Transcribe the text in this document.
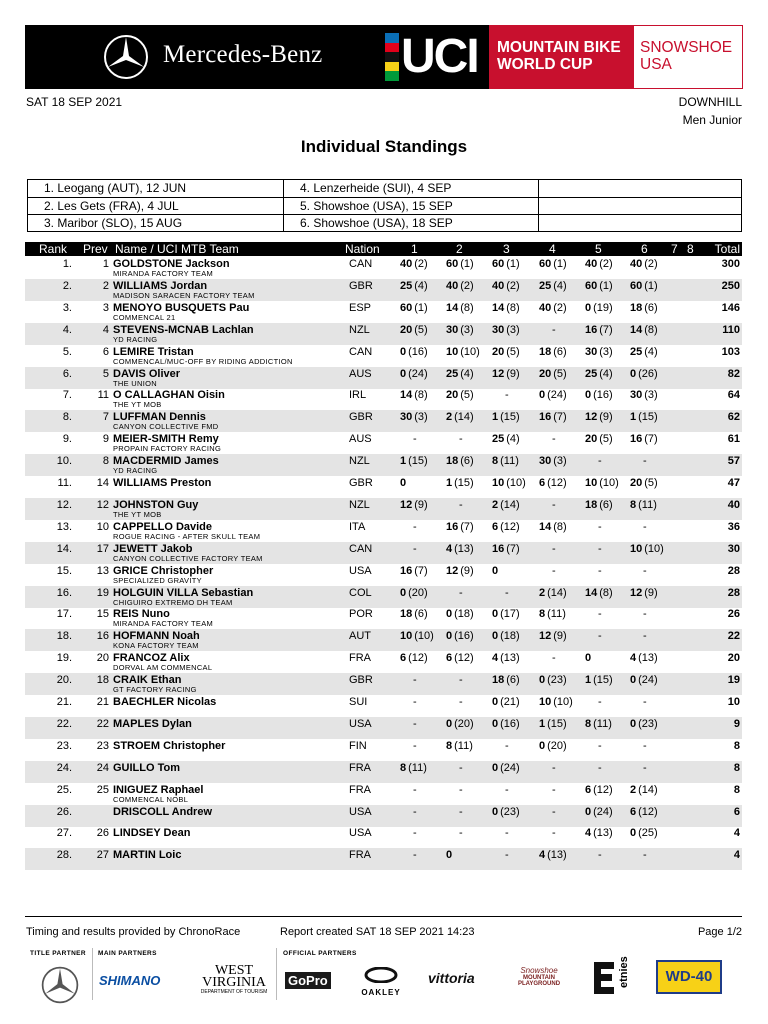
Mercedes-Benz UCI MOUNTAIN BIKE
WORLD CUP
SNOWSHOE
USA
SAT 18 SEP 2021	DOWNHILL
Men Junior
Individual Standings
1. Leogang (AUT), 12 JUN
2. Les Gets (FRA), 4 JUL
3. Maribor (SLO), 15 AUG
4. Lenzerheide (SUI), 4 SEP
5. Showshoe (USA), 15 SEP
6. Showshoe (USA), 18 SEP
Rank Prev Name / UCI MTB Team	Nation	1	2	3	4	5	6 7 8 Total
1.	1 GOLDSTONE Jackson
MIRANDA FACTORY TEAM
CAN	40 (2) 60 (1) 60 (1) 60 (1) 40 (2) 40 (2)	300
2.	2 WILLIAMS Jordan
MADISON SARACEN FACTORY TEAM
GBR 25 (4) 40 (2) 40 (2) 25 (4) 60 (1) 60 (1)	250
3.	3 MENOYO BUSQUETS Pau
COMMENCAL 21
ESP	60 (1) 14 (8) 14 (8) 40 (2) 0 (19) 18 (6)	146
4.	4 STEVENS-MCNAB Lachlan
YD RACING
NZL	20 (5) 30 (3) 30 (3)	-	16 (7) 14 (8)	110
5.	6 LEMIRE Tristan
COMMENCAL/MUC-OFF BY RIDING ADDICTION
CAN	0 (16) 10 (10) 20 (5) 18 (6) 30 (3) 25 (4)	103
6.	5 DAVIS Oliver
THE UNION
AUS	0 (24) 25 (4) 12 (9) 20 (5) 25 (4) 0 (26)	82
7. 11 O CALLAGHAN Oisin
THE YT MOB
IRL	14 (8) 20 (5)	-	0 (24) 0 (16) 30 (3)	64
8.	7 LUFFMAN Dennis
CANYON COLLECTIVE FMD
GBR 30 (3) 2 (14) 1 (15) 16 (7) 12 (9) 1 (15)	62
9.	9 MEIER-SMITH Remy
PROPAIN FACTORY RACING
AUS	-	-	25 (4)	-	20 (5) 16 (7)	61
10.	8 MACDERMID James
YD RACING
NZL	1 (15) 18 (6) 8 (11) 30 (3)	-	-	57
11. 14 WILLIAMS Preston	GBR 0	1 (15) 10 (10) 6 (12) 10 (10) 20 (5)	47
12. 12 JOHNSTON Guy
THE YT MOB
NZL	12 (9)	-	2 (14)	-	18 (6) 8 (11)	40
13. 10 CAPPELLO Davide
ROGUE RACING - AFTER SKULL TEAM
ITA	-	16 (7) 6 (12) 14 (8)	-	-	36
14. 17 JEWETT Jakob
CANYON COLLECTIVE FACTORY TEAM
CAN	-	4 (13) 16 (7)	-	-	10 (10)	30
15. 13 GRICE Christopher
SPECIALIZED GRAVITY
USA	16 (7) 12 (9) 0	-	-	-	28
16. 19 HOLGUIN VILLA Sebastian
CHIGUIRO EXTREMO DH TEAM
COL	0 (20)	-	-	2 (14) 14 (8) 12 (9)	28
17. 15 REIS Nuno
MIRANDA FACTORY TEAM
POR 18 (6) 0 (18) 0 (17) 8 (11)	-	-	26
18. 16 HOFMANN Noah
KONA FACTORY TEAM
AUT	10 (10) 0 (16) 0 (18) 12 (9)	-	-	22
19. 20 FRANCOZ Alix
DORVAL AM COMMENCAL
FRA	6 (12) 6 (12) 4 (13)	-	0	4 (13)	20
20. 18 CRAIK Ethan
GT FACTORY RACING
GBR	-	-	18 (6) 0 (23) 1 (15) 0 (24)	19
21. 21 BAECHLER Nicolas	SUI	-	-	0 (21) 10 (10) -	-	10
22. 22 MAPLES Dylan	USA	-	0 (20) 0 (16) 1 (15) 8 (11) 0 (23)	9
23. 23 STROEM Christopher	FIN	-	8 (11)	-	0 (20)	-	-	8
24. 24 GUILLO Tom	FRA	8 (11)	-	0 (24)	-	-	-	8
25. 25 INIGUEZ Raphael
COMMENCAL NOBL
FRA	-	-	-	-	6 (12) 2 (14)	8
26.	DRISCOLL Andrew	USA	-	-	0 (23)	-	0 (24) 6 (12)	6
27. 26 LINDSEY Dean	USA	-	-	-	-	4 (13) 0 (25)	4
28. 27 MARTIN Loic	FRA	-	0	-	4 (13)	-	-	4
Timing and results provided by ChronoRace	Report created SAT 18 SEP 2021 14:23	Page 1/2
TITLE PARTNER MAIN PARTNERS	OFFICIAL PARTNERS
SHIMANO
WEST
VIRGINIA
DEPARTMENT OF TOURISM
GoPro
OAKLEY
vittoria	Snowshoe
MOUNTAIN PLAYGROUND	etnies	WD-40
